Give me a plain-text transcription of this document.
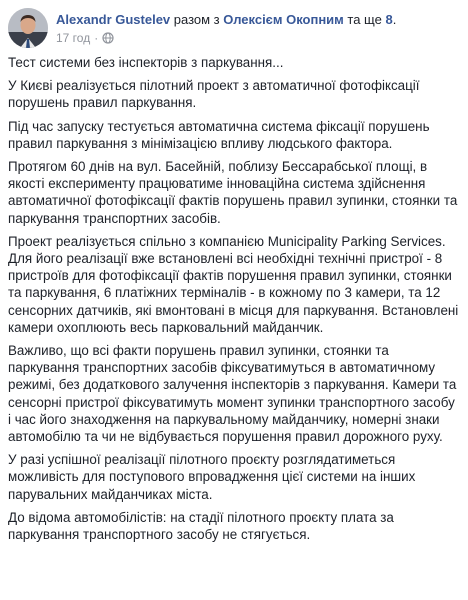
Alexandr Gustelev разом з Олексієм Окопним та ще 8.
17 год ·

Тест системи без інспекторів з паркування...

У Києві реалізується пілотний проект з автоматичної фотофіксації порушень правил паркування.

Під час запуску тестується автоматична система фіксації порушень правил паркування з мінімізацією впливу людського фактора.

Протягом 60 днів на вул. Басейній, поблизу Бессарабської площі, в якості експерименту працюватиме інноваційна система здійснення автоматичної фотофіксації фактів порушень правил зупинки, стоянки та паркування транспортних засобів.

Проект реалізується спільно з компанією Municipality Parking Services. Для його реалізації вже встановлені всі необхідні технічні пристрої - 8 пристроїв для фотофіксації фактів порушення правил зупинки, стоянки та паркування, 6 платіжних терміналів - в кожному по 3 камери, та 12 сенсорних датчиків, які вмонтовані в місця для паркування. Встановлені камери охоплюють весь парковальний майданчик.

Важливо, що всі факти порушень правил зупинки, стоянки та паркування транспортних засобів фіксуватимуться в автоматичному режимі, без додаткового залучення інспекторів з паркування. Камери та сенсорні пристрої фіксуватимуть момент зупинки транспортного засобу і час його знаходження на паркувальному майданчику, номерні знаки автомобілю та чи не відбувається порушення правил дорожного руху.

У разі успішної реалізації пілотного проєкту розглядатиметься можливість для поступового впровадження цієї системи на інших парувальних майданчиках міста.

До відома автомобілістів: на стадії пілотного проєкту плата за паркування транспортного засобу не стягується.
